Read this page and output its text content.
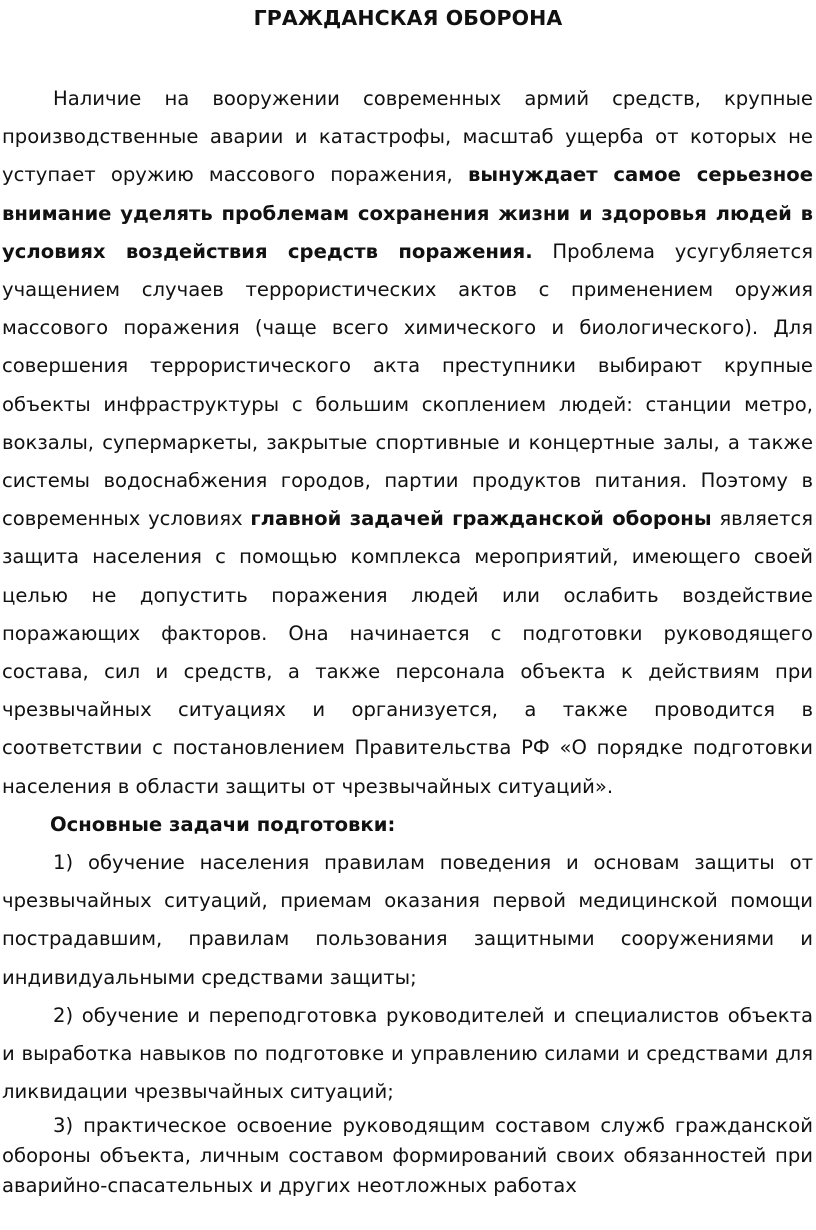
ГРАЖДАНСКАЯ ОБОРОНА

Наличие на вооружении современных армий средств, крупные производственные аварии и катастрофы, масштаб ущерба от которых не уступает оружию массового поражения, вынуждает самое серьезное внимание уделять проблемам сохранения жизни и здоровья людей в условиях воздействия средств поражения. Проблема усугубляется учащением случаев террористических актов с применением оружия массового поражения (чаще всего химического и биологического). Для совершения террористического акта преступники выбирают крупные объекты инфраструктуры с большим скоплением людей: станции метро, вокзалы, супермаркеты, закрытые спортивные и концертные залы, а также системы водоснабжения городов, партии продуктов питания. Поэтому в современных условиях главной задачей гражданской обороны является защита населения с помощью комплекса мероприятий, имеющего своей целью не допустить поражения людей или ослабить воздействие поражающих факторов. Она начинается с подготовки руководящего состава, сил и средств, а также персонала объекта к действиям при чрезвычайных ситуациях и организуется, а также проводится в соответствии с постановлением Правительства РФ «О порядке подготовки населения в области защиты от чрезвычайных ситуаций».

Основные задачи подготовки:

1) обучение населения правилам поведения и основам защиты от чрезвычайных ситуаций, приемам оказания первой медицинской помощи пострадавшим, правилам пользования защитными сооружениями и индивидуальными средствами защиты;

2) обучение и переподготовка руководителей и специалистов объекта и выработка навыков по подготовке и управлению силами и средствами для ликвидации чрезвычайных ситуаций;

3) практическое освоение руководящим составом служб гражданской обороны объекта, личным составом формирований своих обязанностей при аварийно-спасательных и других неотложных работах
